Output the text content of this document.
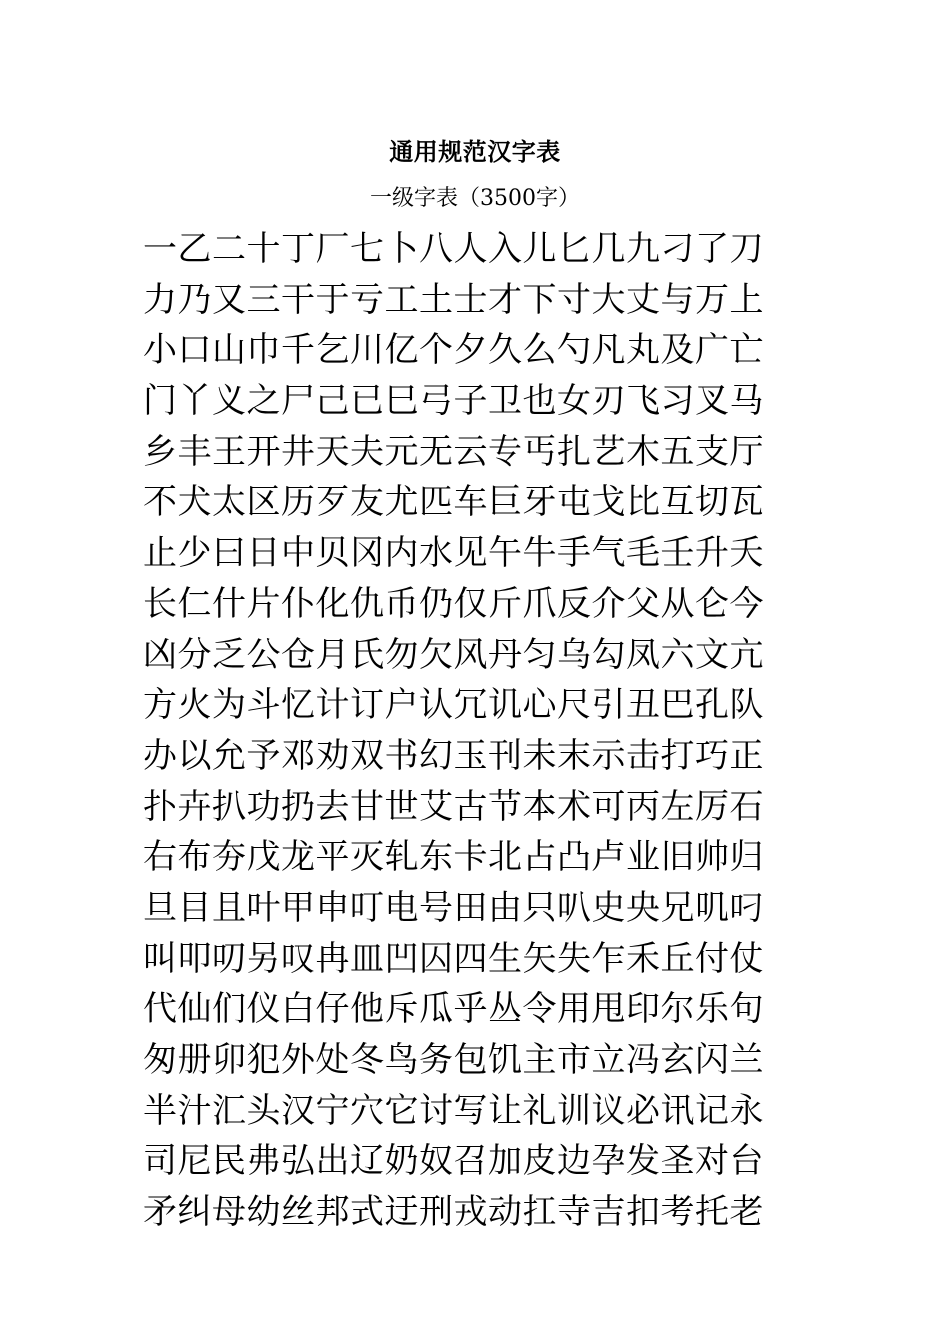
通用规范汉字表
一级字表（3500字）
一乙二十丁厂七卜八人入儿匕几九刁了刀
力乃又三干于亏工土士才下寸大丈与万上
小口山巾千乞川亿个夕久么勺凡丸及广亡
门丫义之尸己已巳弓子卫也女刃飞习叉马
乡丰王开井天夫元无云专丐扎艺木五支厅
不犬太区历歹友尤匹车巨牙屯戈比互切瓦
止少曰日中贝冈内水见午牛手气毛壬升夭
长仁什片仆化仇币仍仅斤爪反介父从仑今
凶分乏公仓月氏勿欠风丹匀乌勾凤六文亢
方火为斗忆计订户认冗讥心尺引丑巴孔队
办以允予邓劝双书幻玉刊未末示击打巧正
扑卉扒功扔去甘世艾古节本术可丙左厉石
右布夯戊龙平灭轧东卡北占凸卢业旧帅归
旦目且叶甲申叮电号田由只叭史央兄叽叼
叫叩叨另叹冉皿凹囚四生矢失乍禾丘付仗
代仙们仪白仔他斥瓜乎丛令用甩印尔乐句
匆册卯犯外处冬鸟务包饥主市立冯玄闪兰
半汁汇头汉宁穴它讨写让礼训议必讯记永
司尼民弗弘出辽奶奴召加皮边孕发圣对台
矛纠母幼丝邦式迂刑戎动扛寺吉扣考托老
